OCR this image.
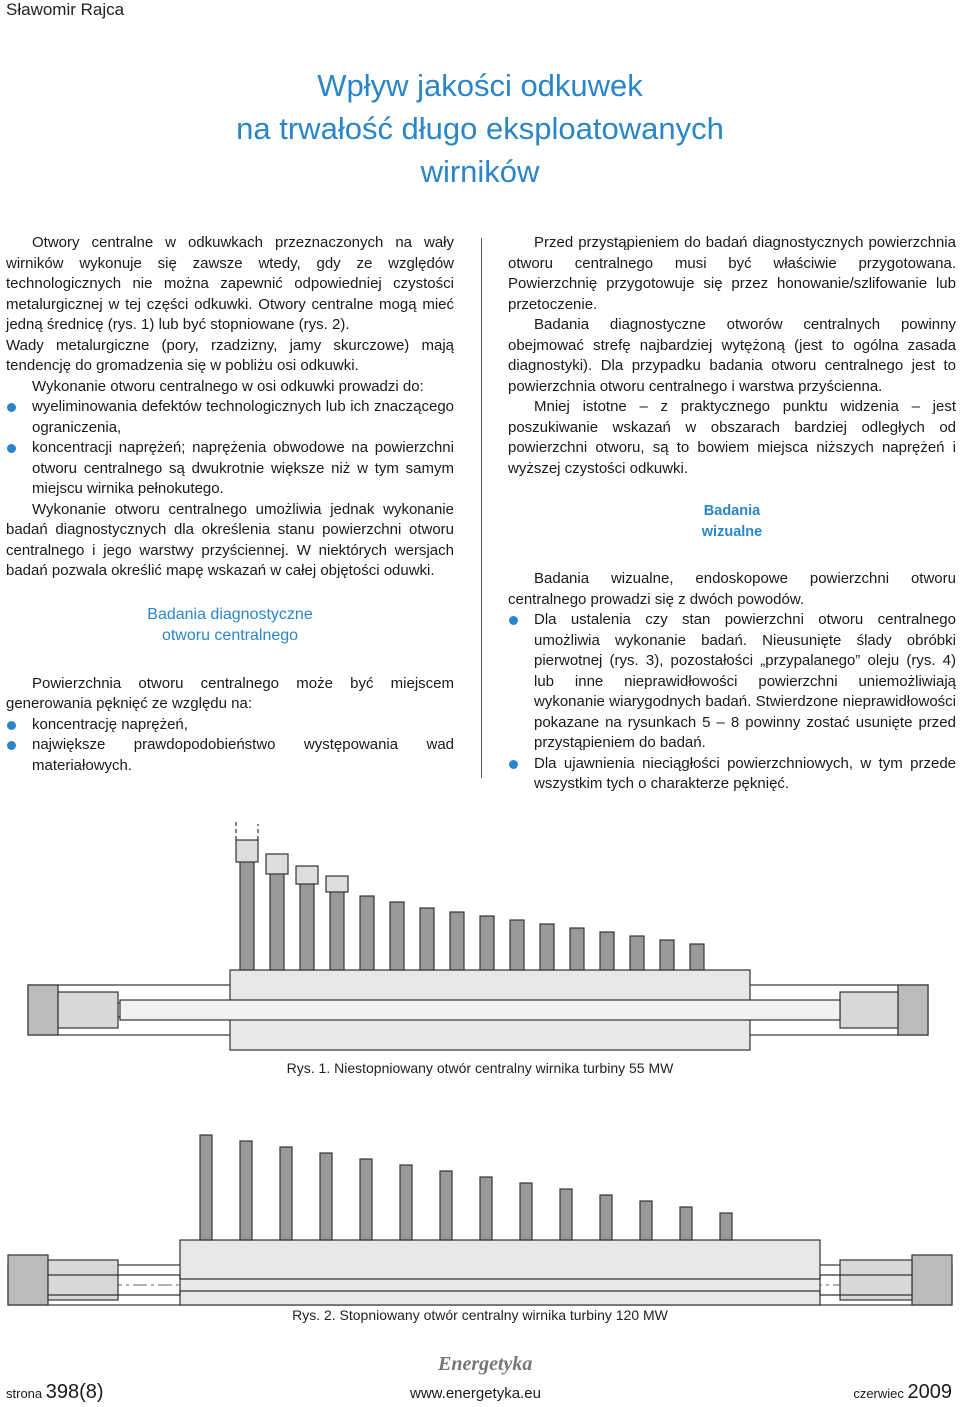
Sławomir Rajca
Wpływ jakości odkuwek
na trwałość długo eksploatowanych
wirników

Otwory centralne w odkuwkach przeznaczonych na wały wirników wykonuje się zawsze wtedy, gdy ze względów technologicznych nie można zapewnić odpowiedniej czystości metalurgicznej w tej części odkuwki. Otwory centralne mogą mieć jedną średnicę (rys. 1) lub być stopniowane (rys. 2).

Wady metalurgiczne (pory, rzadzizny, jamy skurczowe) mają tendencję do gromadzenia się w pobliżu osi odkuwki.

Wykonanie otworu centralnego w osi odkuwki prowadzi do:

wyeliminowania defektów technologicznych lub ich znaczącego ograniczenia,
koncentracji naprężeń; naprężenia obwodowe na powierzchni otworu centralnego są dwukrotnie większe niż w tym samym miejscu wirnika pełnokutego.

Wykonanie otworu centralnego umożliwia jednak wykonanie badań diagnostycznych dla określenia stanu powierzchni otworu centralnego i jego warstwy przyściennej. W niektórych wersjach badań pozwala określić mapę wskazań w całej objętości oduwki.

Badania diagnostyczne
otworu centralnego

Powierzchnia otworu centralnego może być miejscem generowania pęknięć ze względu na:

koncentrację naprężeń,
największe prawdopodobieństwo występowania wad materiałowych.

Przed przystąpieniem do badań diagnostycznych powierzchnia otworu centralnego musi być właściwie przygotowana. Powierzchnię przygotowuje się przez honowanie/szlifowanie lub przetoczenie.

Badania diagnostyczne otworów centralnych powinny obejmować strefę najbardziej wytężoną (jest to ogólna zasada diagnostyki). Dla przypadku badania otworu centralnego jest to powierzchnia otworu centralnego i warstwa przyścienna.

Mniej istotne – z praktycznego punktu widzenia – jest poszukiwanie wskazań w obszarach bardziej odległych od powierzchni otworu, są to bowiem miejsca niższych naprężeń i wyższej czystości odkuwki.

Badania
wizualne

Badania wizualne, endoskopowe powierzchni otworu centralnego prowadzi się z dwóch powodów.

Dla ustalenia czy stan powierzchni otworu centralnego umożliwia wykonanie badań. Nieusunięte ślady obróbki pierwotnej (rys. 3), pozostałości „przypalanego” oleju (rys. 4) lub inne nieprawidłowości powierzchni uniemożliwiają wykonanie wiarygodnych badań. Stwierdzone nieprawidłowości pokazane na rysunkach 5 – 8 powinny zostać usunięte przed przystąpieniem do badań.
Dla ujawnienia nieciągłości powierzchniowych, w tym przede wszystkim tych o charakterze pęknięć.
Rys. 1. Niestopniowany otwór centralny wirnika turbiny 55 MW
Rys. 2. Stopniowany otwór centralny wirnika turbiny 120 MW
Energetyka
strona 398(8)	www.energetyka.eu	czerwiec 2009
